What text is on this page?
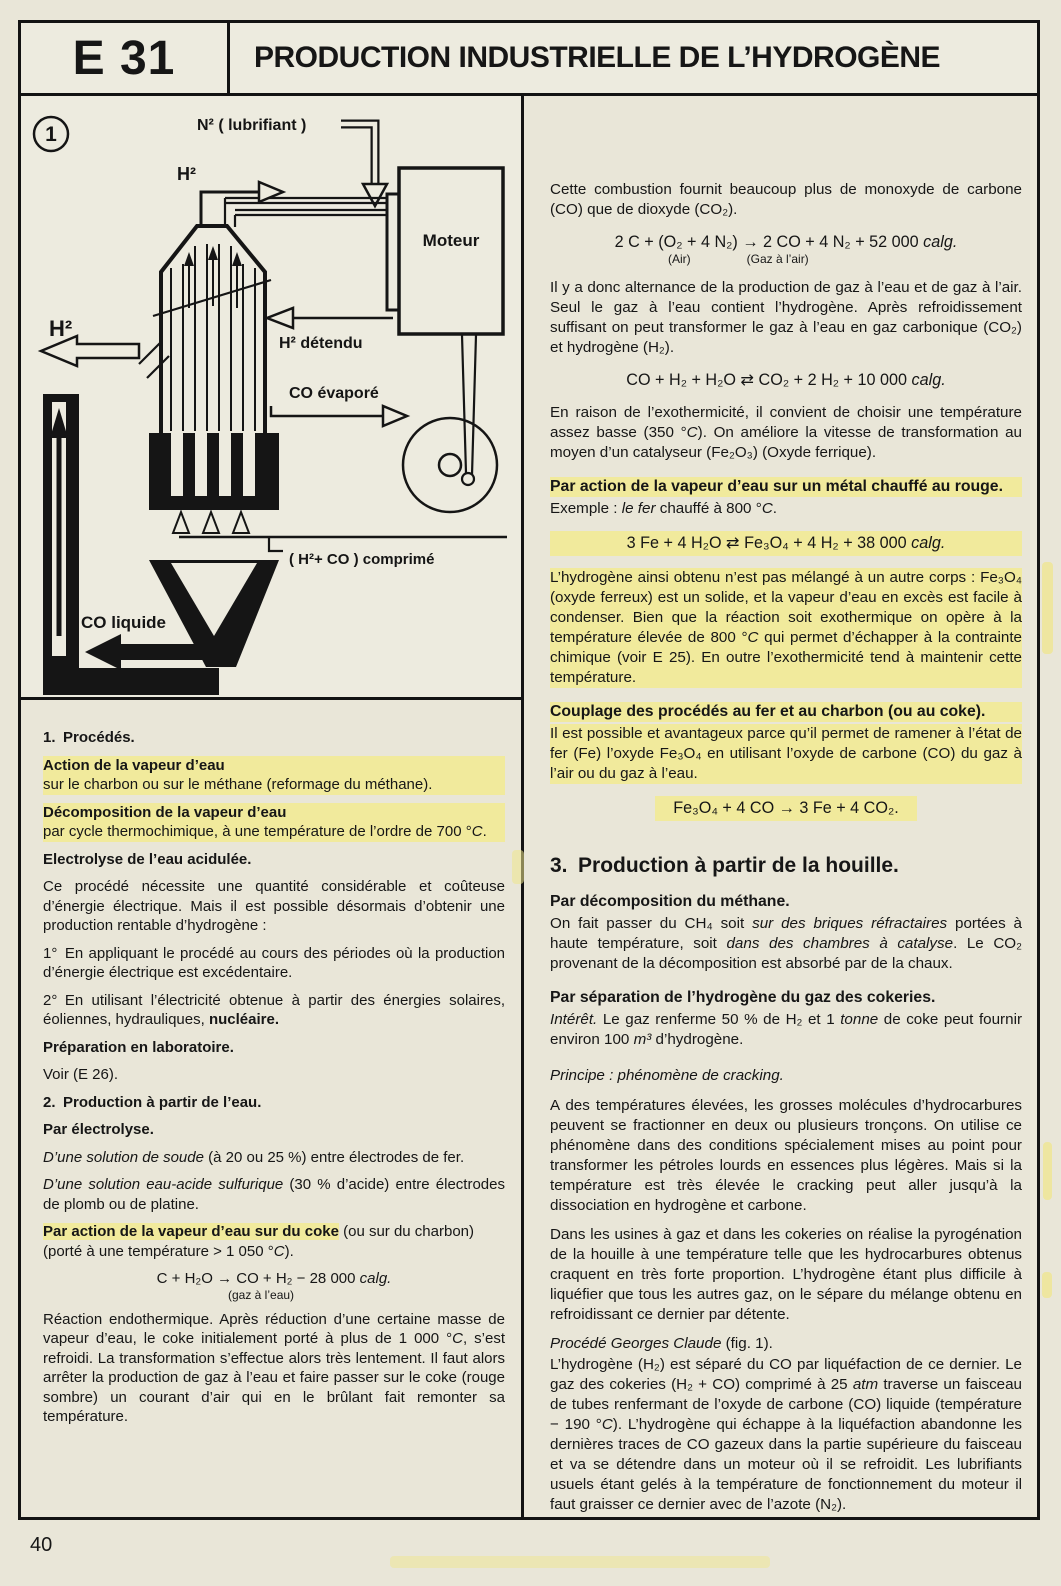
E 31	PRODUCTION INDUSTRIELLE DE L’HYDROGÈNE
1	N² ( lubrifiant )
Moteur
H²
H²
H² détendu
CO évaporé
( H²+ CO ) comprimé
CO liquide
1. Procédés.
Action de la vapeur d’eau
sur le charbon ou sur le méthane (reformage du méthane).
Décomposition de la vapeur d’eau
par cycle thermochimique, à une température de l’ordre de 700 °C.
Electrolyse de l’eau acidulée.
Ce procédé nécessite une quantité considérable et coûteuse d’énergie électrique. Mais il est possible désormais d’obtenir une production rentable d’hydrogène :
1° En appliquant le procédé au cours des périodes où la production d’énergie électrique est excédentaire.
2° En utilisant l’électricité obtenue à partir des énergies solaires, éoliennes, hydrauliques, nucléaire.
Préparation en laboratoire.
Voir (E 26).
2. Production à partir de l’eau.
Par électrolyse.
D’une solution de soude (à 20 ou 25 %) entre électrodes de fer.
D’une solution eau-acide sulfurique (30 % d’acide) entre électrodes de plomb ou de platine.
Par action de la vapeur d’eau sur du coke (ou sur du charbon)
(porté à une température > 1 050 °C).
C + H₂O → CO + H₂ − 28 000 calg.
(gaz à l’eau)
Réaction endothermique. Après réduction d’une certaine masse de vapeur d’eau, le coke initialement porté à plus de 1 000 °C, s’est refroidi. La transformation s’effectue alors très lentement. Il faut alors arrêter la production de gaz à l’eau et faire passer sur le coke (rouge sombre) un courant d’air qui en le brûlant fait remonter sa température.
Cette combustion fournit beaucoup plus de monoxyde de carbone (CO) que de dioxyde (CO₂).
2 C + (O₂ + 4 N₂) → 2 CO + 4 N₂ + 52 000 calg.
(Air)	(Gaz à l’air)
Il y a donc alternance de la production de gaz à l’eau et de gaz à l’air. Seul le gaz à l’eau contient l’hydrogène. Après refroidissement suffisant on peut transformer le gaz à l’eau en gaz carbonique (CO₂) et hydrogène (H₂).
CO + H₂ + H₂O ⇄ CO₂ + 2 H₂ + 10 000 calg.
En raison de l’exothermicité, il convient de choisir une température assez basse (350 °C). On améliore la vitesse de transformation au moyen d’un catalyseur (Fe₂O₃) (Oxyde ferrique).
Par action de la vapeur d’eau sur un métal chauffé au rouge.
Exemple : le fer chauffé à 800 °C.
3 Fe + 4 H₂O ⇄ Fe₃O₄ + 4 H₂ + 38 000 calg.
L’hydrogène ainsi obtenu n’est pas mélangé à un autre corps : Fe₃O₄ (oxyde ferreux) est un solide, et la vapeur d’eau en excès est facile à condenser. Bien que la réaction soit exothermique on opère à la température élevée de 800 °C qui permet d’échapper à la contrainte chimique (voir E 25). En outre l’exothermicité tend à maintenir cette température.
Couplage des procédés au fer et au charbon (ou au coke).
Il est possible et avantageux parce qu’il permet de ramener à l’état de fer (Fe) l’oxyde Fe₃O₄ en utilisant l’oxyde de carbone (CO) du gaz à l’air ou du gaz à l’eau.
Fe₃O₄ + 4 CO → 3 Fe + 4 CO₂.
3. Production à partir de la houille.
Par décomposition du méthane.
On fait passer du CH₄ soit sur des briques réfractaires portées à haute température, soit dans des chambres à catalyse. Le CO₂ provenant de la décomposition est absorbé par de la chaux.
Par séparation de l’hydrogène du gaz des cokeries.
Intérêt. Le gaz renferme 50 % de H₂ et 1 tonne de coke peut fournir environ 100 m³ d’hydrogène.
Principe : phénomène de cracking.
A des températures élevées, les grosses molécules d’hydrocarbures peuvent se fractionner en deux ou plusieurs tronçons. On utilise ce phénomène dans des conditions spécialement mises au point pour transformer les pétroles lourds en essences plus légères. Mais si la température est très élevée le cracking peut aller jusqu’à la dissociation en hydrogène et carbone.
Dans les usines à gaz et dans les cokeries on réalise la pyrogénation de la houille à une température telle que les hydrocarbures obtenus craquent en très forte proportion. L’hydrogène étant plus difficile à liquéfier que tous les autres gaz, on le sépare du mélange obtenu en refroidissant ce dernier par détente.
Procédé Georges Claude (fig. 1).
L’hydrogène (H₂) est séparé du CO par liquéfaction de ce dernier. Le gaz des cokeries (H₂ + CO) comprimé à 25 atm traverse un faisceau de tubes renfermant de l’oxyde de carbone (CO) liquide (température − 190 °C). L’hydrogène qui échappe à la liquéfaction abandonne les dernières traces de CO gazeux dans la partie supérieure du faisceau et va se détendre dans un moteur où il se refroidit. Les lubrifiants usuels étant gelés à la température de fonctionnement du moteur il faut graisser ce dernier avec de l’azote (N₂).
40
